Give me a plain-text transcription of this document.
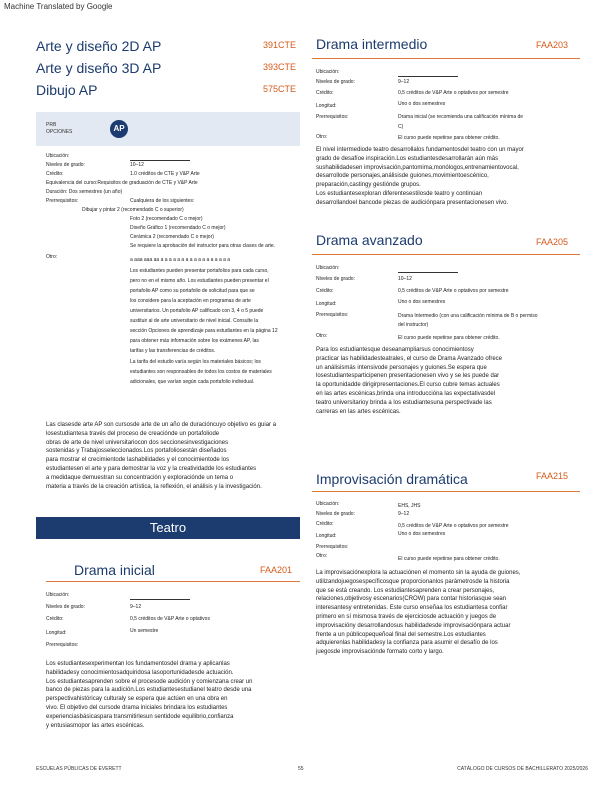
Machine Translated by Google
Arte y diseño 2D AP	391CTE
Arte y diseño 3D AP	393CTE
Dibujo AP	575CTE
PRB
OPCIONES	AP
Ubicación:
Niveles de grado:	10–12
Crédito:	1.0 créditos de CTE y V&P Arte
Equivalencia del curso:Requisitos de graduación de CTE y V&P Arte
Duración: Dos semestres (un año)
Prerrequisitos:	Cualquiera de los siguientes:
Dibujar y pintar 2 (recomendado C o superior)
Foto 2 (recomendado C o mejor)
Diseño Gráfico 1 (recomendado C o mejor)
Cerámica 2 (recomendado C o mejor)
Se requiere la aprobación del instructor para otras clases de arte.
Otro:	a aaa aaa aa a a a a a a a a a a a a a a a a a
Los estudiantes pueden presentar portafolios para cada curso,
pero no en el mismo año. Los estudiantes pueden presentar el
portafolio AP como su portafolio de solicitud para que se
los considere para la aceptación en programas de arte
universitarios. Un portafolio AP calificado con 3, 4 o 5 puede
sustituir al de arte universitario de nivel inicial. Consulte la
sección Opciones de aprendizaje para estudiantes en la página 12
para obtener más información sobre los exámenes AP, las
tarifas y las transferencias de créditos.
La tarifa del estudio varía según los materiales básicos; los
estudiantes son responsables de todos los costos de materiales
adicionales, que varían según cada portafolio individual.
Las clasesde arte AP son cursosde arte de un año de duracióncuyo objetivo es guiar a
losestudiantesa través del proceso de creaciónde un portafoliode
obras de arte de nivel universitariocon dos seccionesinvestigaciones
sostenidas y Trabajosseleccionados.Los portafoliosestán diseñados
para mostrar el crecimientode lashabilidades y el conocimientode los
estudiantesen el arte y para demostrar la voz y la creatividadde los estudiantes
a medidaque demuestran su concentración y exploraciónde un tema o
materia a través de la creación artística, la reflexión, el análisis y la investigación.
Teatro
Drama inicial	FAA201
Ubicación:
Niveles de grado:	9–12
Crédito:	0,5 créditos de V&P Arte o optativos
Longitud:	Un semestre
Prerrequisitos:
Los estudiantesexperimentan los fundamentosdel drama y aplicanlas
habilidadesy conocimientosadquiridosa lasoportunidadesde actuación.
Los estudiantesaprenden sobre el procesode audición y comienzana crear un
banco de piezas para la audición.Los estudiantesestudianel teatro desde una
perspectivahistóricay culturaly se espera que actúen en una obra en
vivo. El objetivo del cursode drama iniciales brindara los estudiantes
experienciasbásicaspara transmitirlesun sentidode equilibrio,confianza
y entusiasmopor las artes escénicas.
Drama intermedio	FAA203
Ubicación:
Niveles de grado:	9–12
Crédito:	0,5 créditos de V&P Arte o optativos por semestre
Longitud:	Uno o dos semestres
Prerrequisitos:	Drama inicial (se recomienda una calificación mínima de
C)
Otro:	El curso puede repetirse para obtener crédito.
El nivel intermediode teatro desarrollalos fundamentosdel teatro con un mayor
grado de desafíoe inspiración.Los estudiantesdesarrollarán aún más
sushabilidadesen improvisación,pantomima,monólogos,entrenamientovocal,
desarrollode personajes,análisisde guiones,movimientoescénico,
preparación,castingy gestiónde grupos.
Los estudiantesexploran diferentesestilosde teatro y continúan
desarrollandoel bancode piezas de audiciónpara presentacionesen vivo.
Drama avanzado	FAA205
Ubicación:
Niveles de grado:	10–12
Crédito:	0,5 créditos de V&P Arte o optativos por semestre
Longitud:	Uno o dos semestres
Prerrequisitos:	Drama Intermedio (con una calificación mínima de B o permiso
del instructor)
Otro:	El curso puede repetirse para obtener crédito.
Para los estudiantesque deseanampliarsus conocimientosy
practicar las habilidadesteatrales, el curso de Drama Avanzado ofrece
un análisismás intensivode personajes y guiones.Se espera que
losestudiantesparticipenen presentacionesen vivo y se les puede dar
la oportunidadde dirigirpresentaciones.El curso cubre temas actuales
en las artes escénicas,brinda una introduccióna las expectativasdel
teatro universitarioy brinda a los estudiantesuna perspectivade las
carreras en las artes escénicas.
Improvisación dramática	FAA215
Ubicación:	EHS, JHS
Niveles de grado:	9–12
Crédito:	0,5 créditos de V&P Arte o optativos por semestre
Longitud:	Uno o dos semestres
Prerrequisitos:
Otro:	El curso puede repetirse para obtener crédito.
La improvisaciónexplora la actuaciónen el momento sin la ayuda de guiones,
utilizandojuegosespecíficosque proporcionanlos parámetrosde la historia
que se está creando. Los estudiantesaprenden a crear personajes,
relaciones,objetivosy escenarios(CROW) para contar historiasque sean
interesantesy entretenidas. Este curso enseñaa los estudiantesa confiar
primero en sí mismosa través de ejerciciosde actuación y juegos de
improvisacióny desarrollandosus habilidadesde improvisaciónpara actuar
frente a un públicopequeñoal final del semestre.Los estudiantes
adquierenlas habilidadesy la confianza para asumir el desafío de los
juegosde improvisaciónde formato corto y largo.
ESCUELAS PÚBLICAS DE EVERETT	55	CATÁLOGO DE CURSOS DE BACHILLERATO 2025/2026
